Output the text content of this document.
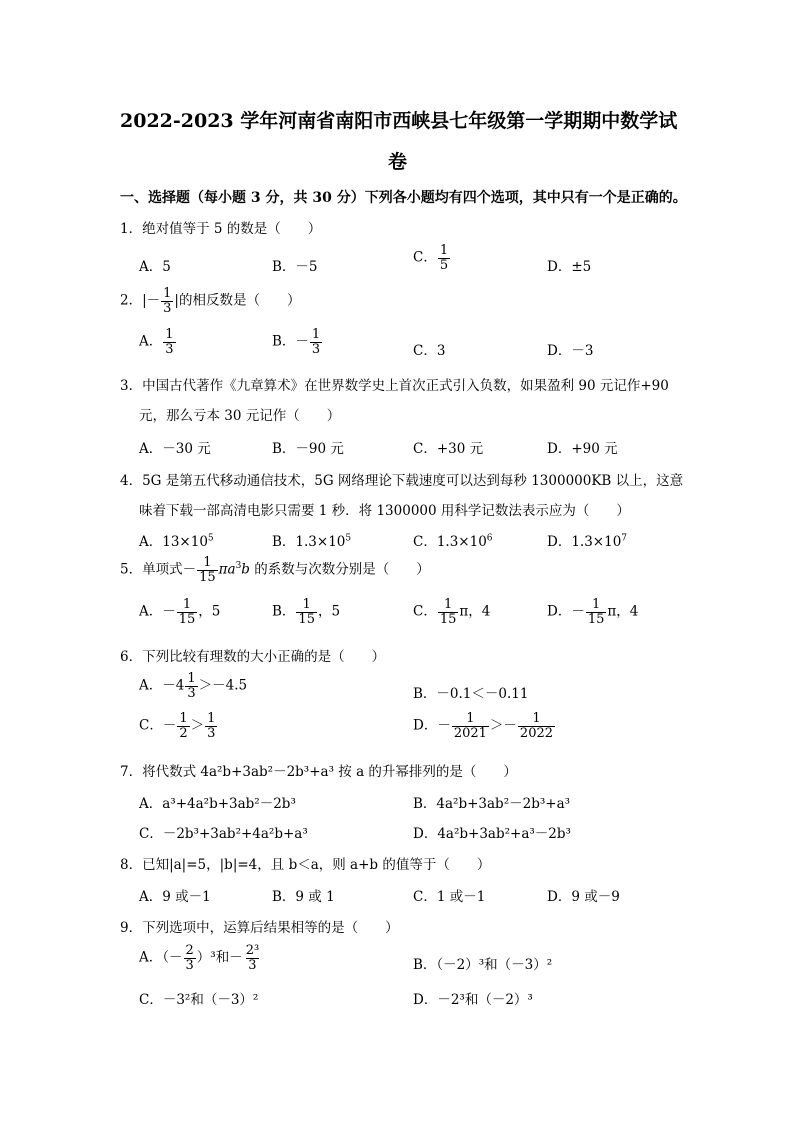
2022-2023 学年河南省南阳市西峡县七年级第一学期期中数学试
卷
一、选择题（每小题 3 分，共 30 分）下列各小题均有四个选项，其中只有一个是正确的。
1．绝对值等于 5 的数是（　　）
A．5	B．－5
C． $\frac{1}{5}$	D．±5
2．|－ $\frac{1}{3}$ |的相反数是（　　）
A． $\frac{1}{3}$	B．－ $\frac{1}{3}$	C．3	D．－3
3．中国古代著作《九章算术》在世界数学史上首次正式引入负数，如果盈利 90 元记作+90
元，那么亏本 30 元记作（　　）
A．－30 元	B．－90 元	C．+30 元	D．+90 元
4．5G 是第五代移动通信技术，5G 网络理论下载速度可以达到每秒 1300000KB 以上，这意
味着下载一部高清电影只需要 1 秒．将 1300000 用科学记数法表示应为（　　）
A．$13\times 10^5$	B．$1.3\times 10^5$	C．$1.3\times 10^6$	D．$1.3\times 10^7$
5．单项式－ $\frac{1}{15} \pi a^3b$ 的系数与次数分别是（　　）
A．－ $\frac{1}{15}$ ，5	B． $\frac{1}{15}$ ，5	C． $\frac{1}{15}$ π，4	D．－ $\frac{1}{15}$ π，4
6．下列比较有理数的大小正确的是（　　）
A．$-4 \frac{1}{3} >-4.5$
B．－0.1＜－0.11
C．－ $\frac{1}{2} > \frac{1}{3}$	D．－ $\frac{1}{2021} >- \frac{1}{2022}$
7．将代数式 4a²b+3ab²－2b³+a³ 按 a 的升幂排列的是（　　）
A．a³+4a²b+3ab²－2b³	B．4a²b+3ab²－2b³+a³
C．－2b³+3ab²+4a²b+a³	D．4a²b+3ab²+a³－2b³
8．已知|a|=5，|b|=4，且 b＜a，则 a+b 的值等于（　　）
A．9 或－1	B．9 或 1	C．1 或－1	D．9 或－9
9．下列选项中，运算后结果相等的是（　　）
A．（－ $\frac{2}{3} )^3$和－ $\frac{\text{2³}}{3}$	B．（－2）³和（－3）²
C．－3²和（－3）²	D．－2³和（－2）³
